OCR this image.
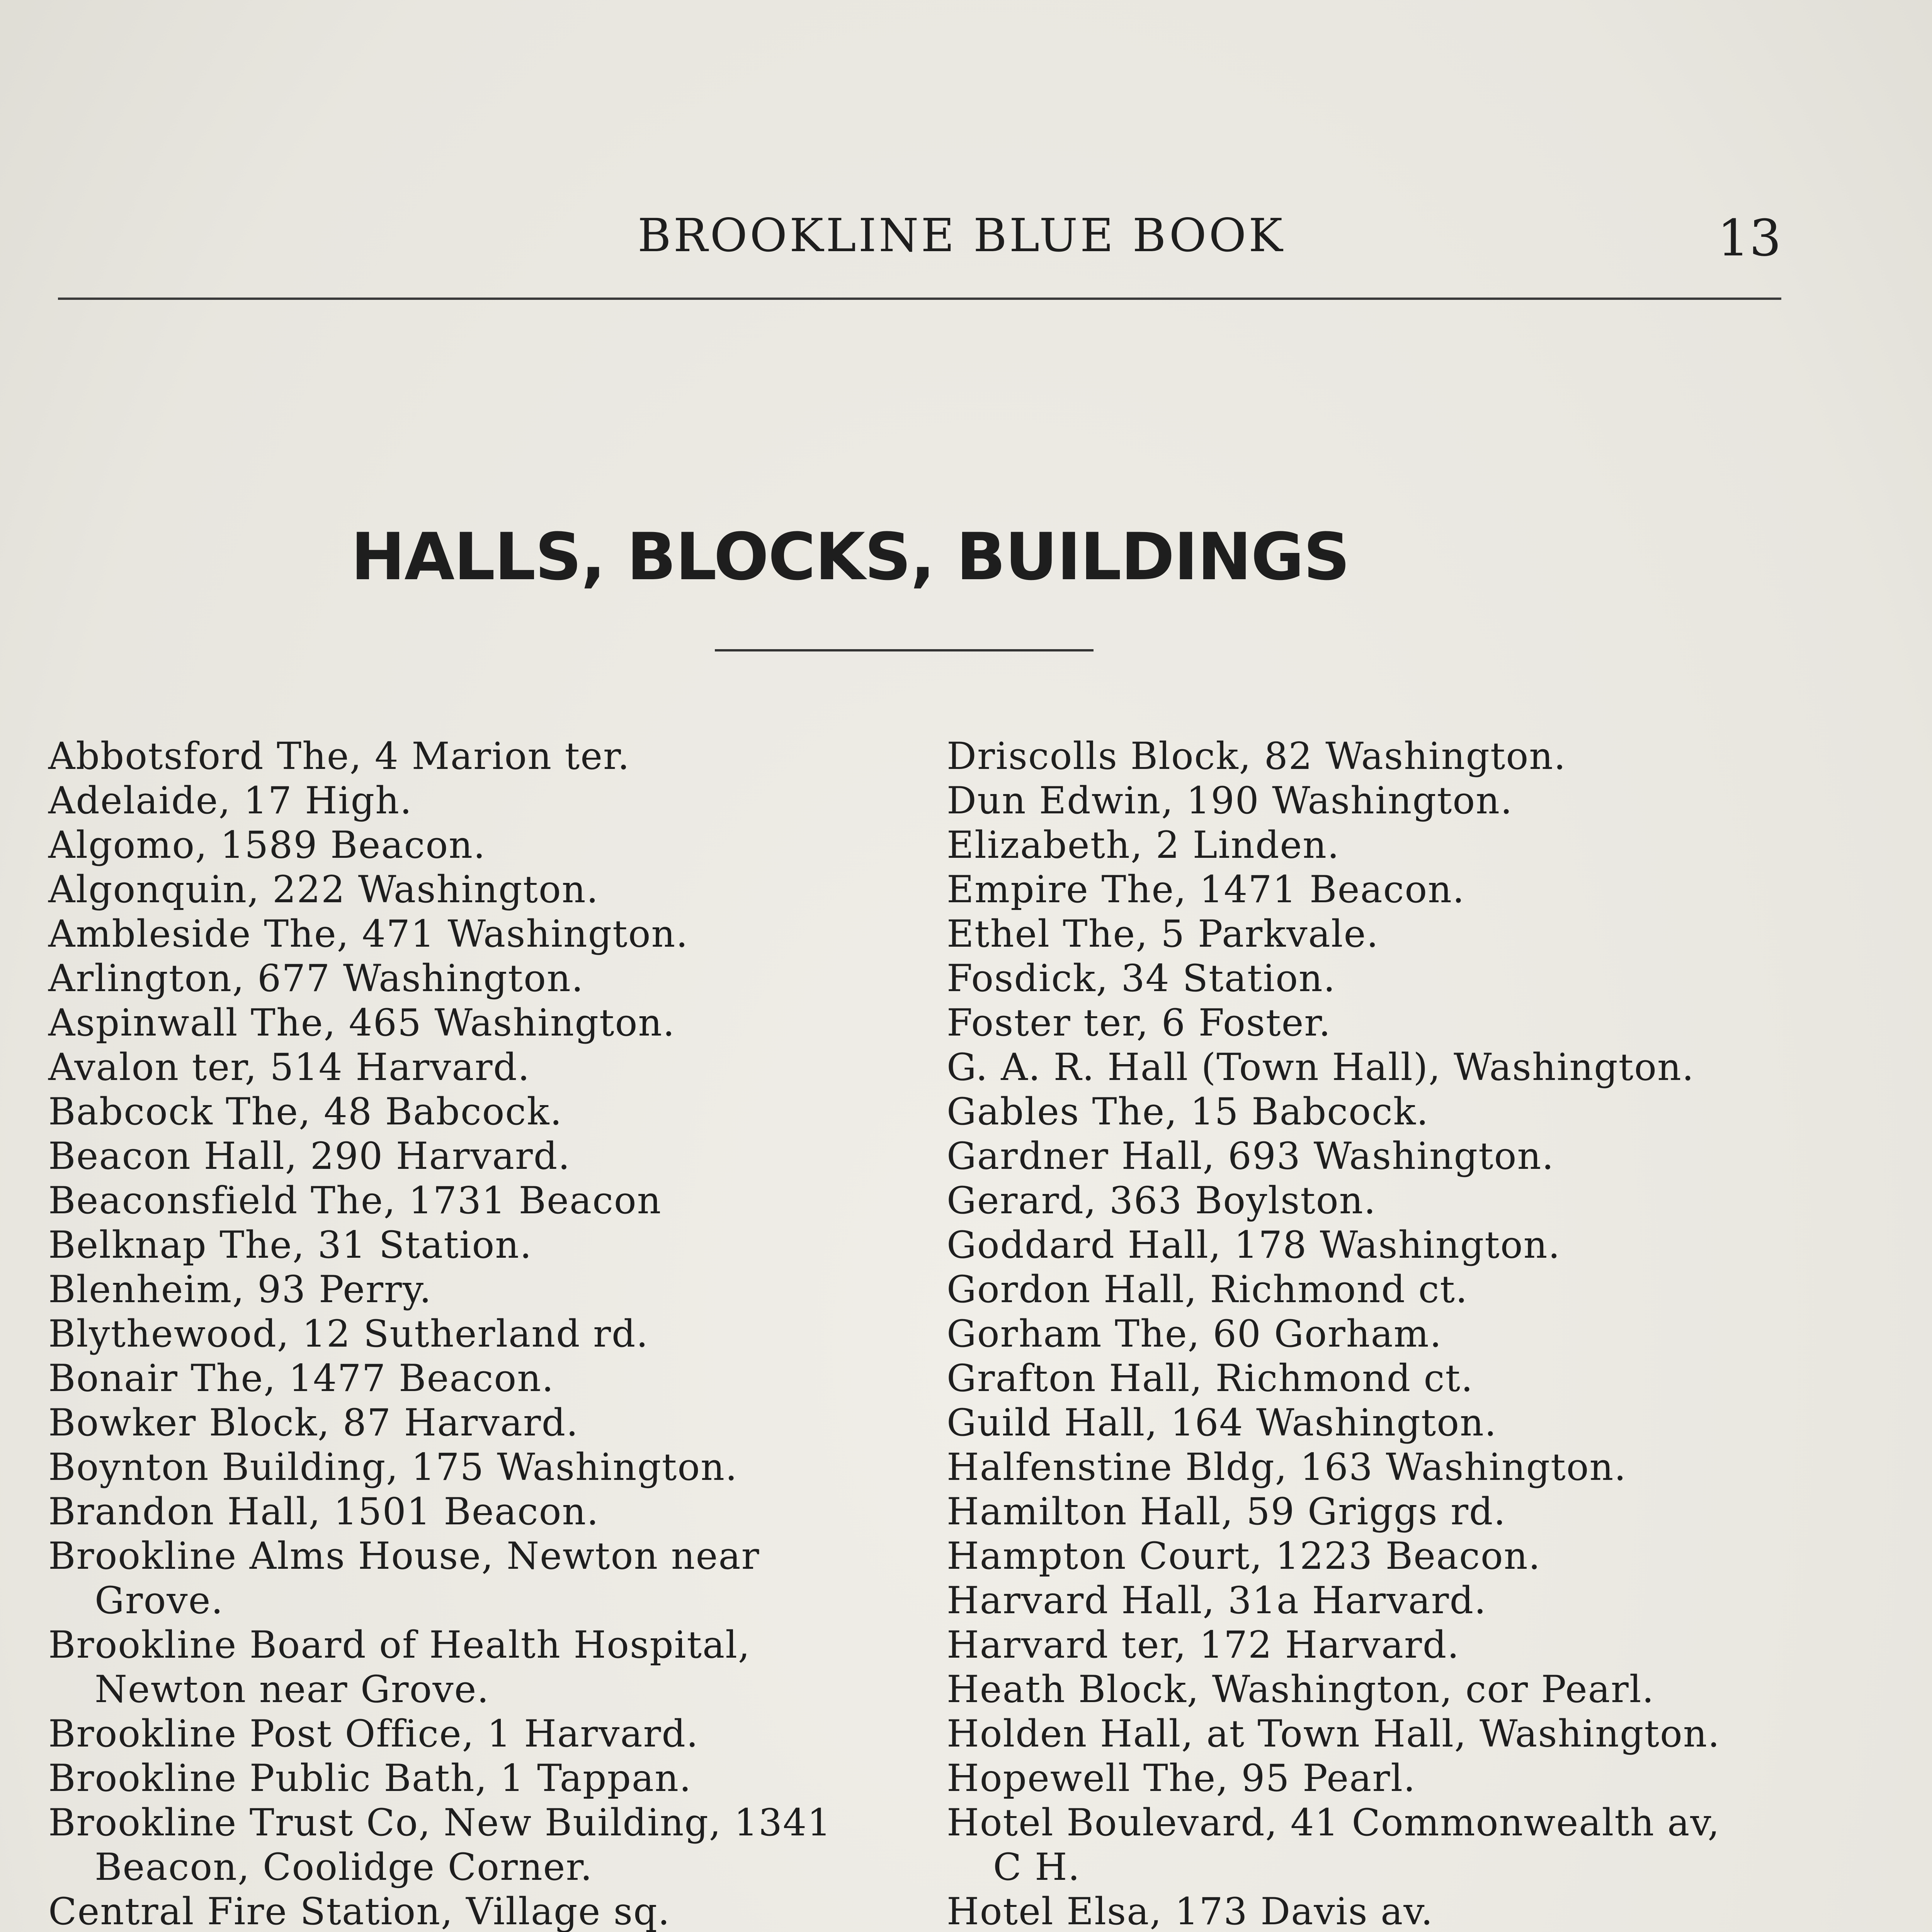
BROOKLINE BLUE BOOK	13
HALLS, BLOCKS, BUILDINGS
Abbotsford The, 4 Marion ter.
Adelaide, 17 High.
Algomo, 1589 Beacon.
Algonquin, 222 Washington.
Ambleside The, 471 Washington.
Arlington, 677 Washington.
Aspinwall The, 465 Washington.
Avalon ter, 514 Harvard.
Babcock The, 48 Babcock.
Beacon Hall, 290 Harvard.
Beaconsfield The, 1731 Beacon
Belknap The, 31 Station.
Blenheim, 93 Perry.
Blythewood, 12 Sutherland rd.
Bonair The, 1477 Beacon.
Bowker Block, 87 Harvard.
Boynton Building, 175 Washington.
Brandon Hall, 1501 Beacon.
Brookline Alms House, Newton near
Grove.
Brookline Board of Health Hospital,
Newton near Grove.
Brookline Post Office, 1 Harvard.
Brookline Public Bath, 1 Tappan.
Brookline Trust Co, New Building, 1341
Beacon, Coolidge Corner.
Central Fire Station, Village sq.
Driscolls Block, 82 Washington.
Dun Edwin, 190 Washington.
Elizabeth, 2 Linden.
Empire The, 1471 Beacon.
Ethel The, 5 Parkvale.
Fosdick, 34 Station.
Foster ter, 6 Foster.
G. A. R. Hall (Town Hall), Washington.
Gables The, 15 Babcock.
Gardner Hall, 693 Washington.
Gerard, 363 Boylston.
Goddard Hall, 178 Washington.
Gordon Hall, Richmond ct.
Gorham The, 60 Gorham.
Grafton Hall, Richmond ct.
Guild Hall, 164 Washington.
Halfenstine Bldg, 163 Washington.
Hamilton Hall, 59 Griggs rd.
Hampton Court, 1223 Beacon.
Harvard Hall, 31a Harvard.
Harvard ter, 172 Harvard.
Heath Block, Washington, cor Pearl.
Holden Hall, at Town Hall, Washington.
Hopewell The, 95 Pearl.
Hotel Boulevard, 41 Commonwealth av,
C H.
Hotel Elsa, 173 Davis av.
